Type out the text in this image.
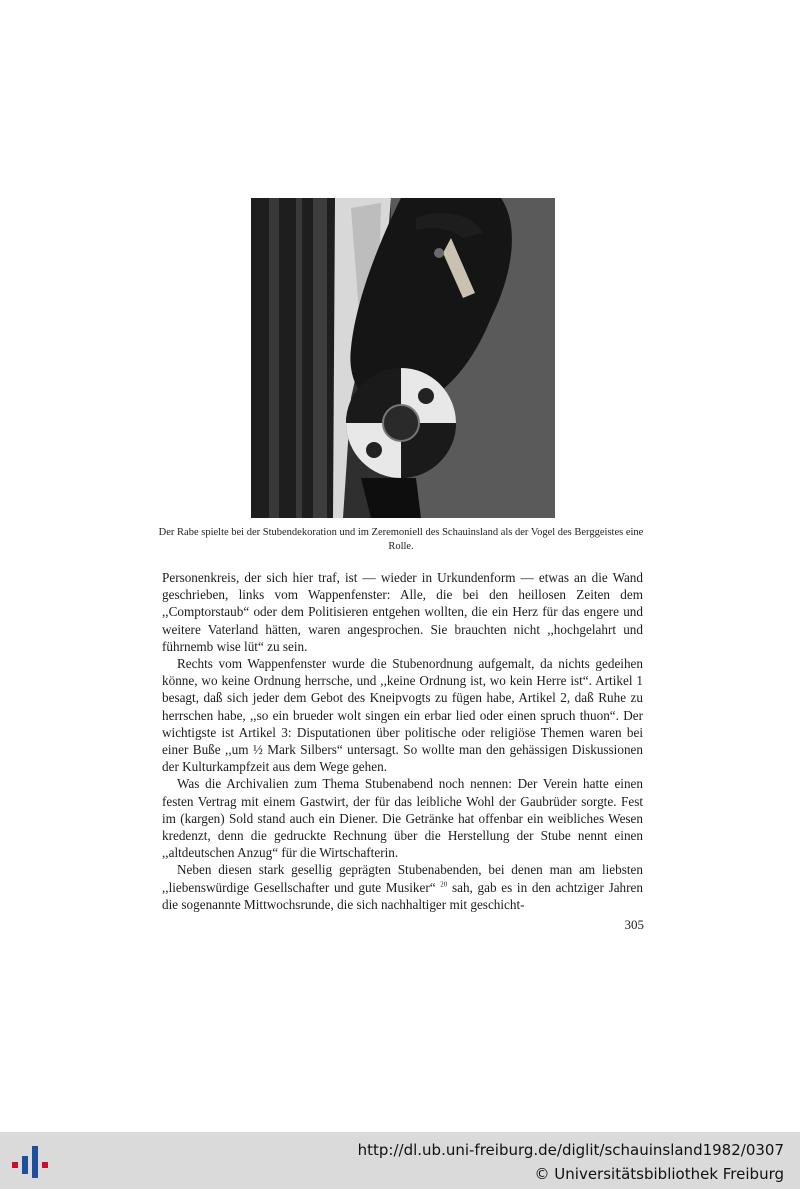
Der Rabe spielte bei der Stubendekoration und im Zeremoniell des Schauinsland als der Vogel des Berggeistes eine Rolle.

Personenkreis, der sich hier traf, ist — wieder in Urkundenform — etwas an die Wand geschrieben, links vom Wappenfenster: Alle, die bei den heillosen Zeiten dem ,,Comptorstaub“ oder dem Politisieren entgehen wollten, die ein Herz für das engere und weitere Vaterland hätten, waren angesprochen. Sie brauchten nicht ,,hochgelahrt und führnemb wise lüt“ zu sein.

Rechts vom Wappenfenster wurde die Stubenordnung aufgemalt, da nichts gedeihen könne, wo keine Ordnung herrsche, und ,,keine Ordnung ist, wo kein Herre ist“. Artikel 1 besagt, daß sich jeder dem Gebot des Kneipvogts zu fügen habe, Artikel 2, daß Ruhe zu herrschen habe, ,,so ein brueder wolt singen ein erbar lied oder einen spruch thuon“. Der wichtigste ist Artikel 3: Disputationen über politische oder religiöse Themen waren bei einer Buße ,,um ½ Mark Silbers“ untersagt. So wollte man den gehässigen Diskussionen der Kulturkampfzeit aus dem Wege gehen.

Was die Archivalien zum Thema Stubenabend noch nennen: Der Verein hatte einen festen Vertrag mit einem Gastwirt, der für das leibliche Wohl der Gaubrüder sorgte. Fest im (kargen) Sold stand auch ein Diener. Die Getränke hat offenbar ein weibliches Wesen kredenzt, denn die gedruckte Rechnung über die Herstellung der Stube nennt einen ,,altdeutschen Anzug“ für die Wirtschafterin.

Neben diesen stark gesellig geprägten Stubenabenden, bei denen man am liebsten ,,liebenswürdige Gesellschafter und gute Musiker“ $^{20}$ sah, gab es in den achtziger Jahren die sogenannte Mittwochsrunde, die sich nachhaltiger mit geschicht-

305
http://dl.ub.uni-freiburg.de/diglit/schauinsland1982/0307
© Universitätsbibliothek Freiburg
